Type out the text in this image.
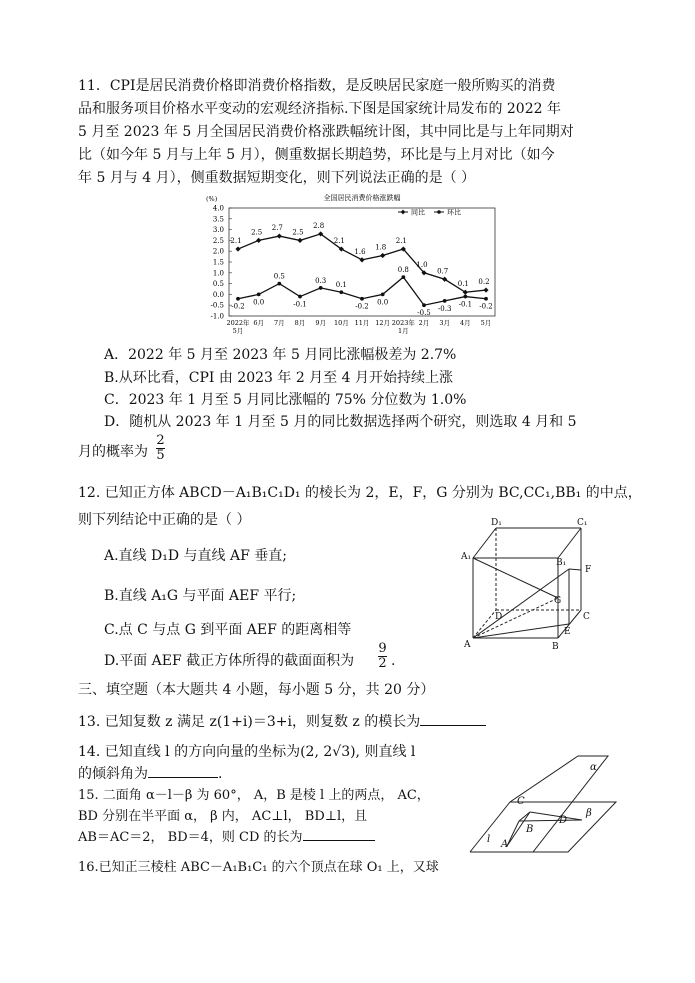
11．CPI是居民消费价格即消费价格指数，是反映居民家庭一般所购买的消费
品和服务项目价格水平变动的宏观经济指标.下图是国家统计局发布的 2022 年
5 月至 2023 年 5 月全国居民消费价格涨跌幅统计图，其中同比是与上年同期对
比（如今年 5 月与上年 5 月），侧重数据长期趋势，环比是与上月对比（如今
年 5 月与 4 月），侧重数据短期变化，则下列说法正确的是（ ）
全国居民消费价格涨跌幅
(%)
4.0
3.5
3.0
2.5
2.0
1.5
1.0
0.5
0.0
-0.5
-1.0
2022年
5月
6月 7月 8月 9月 10月 11月 12月 2023年
1月
2月 3月 4月 5月
2.1
2.5
2.7
2.5
2.8
2.1
1.6
1.8
2.1
1.0
0.7
0.1 0.2
-0.2
0.0
0.5
-0.1
0.3
0.1
-0.2
0.0
0.8
-0.5
-0.3
-0.1 -0.2
同比	环比
A．2022 年 5 月至 2023 年 5 月同比涨幅极差为 2.7%
B.从环比看，CPI 由 2023 年 2 月至 4 月开始持续上涨
C．2023 年 1 月至 5 月同比涨幅的 75% 分位数为 1.0%
D．随机从 2023 年 1 月至 5 月的同比数据选择两个研究，则选取 4 月和 5
月的概率为
2
5
12. 已知正方体 ABCD－A₁B₁C₁D₁ 的棱长为 2，E，F，G 分别为 BC,CC₁,BB₁ 的中点，
则下列结论中正确的是（ ）
A.直线 D₁D 与直线 AF 垂直;
B.直线 A₁G 与平面 AEF 平行;
C.点 C 与点 G 到平面 AEF 的距离相等
D.平面 AEF 截正方体所得的截面面积为
9
2 .
D₁	C₁
A₁
B₁
F
G
D	C
A	B
E
三、填空题（本大题共 4 小题，每小题 5 分，共 20 分）
13. 已知复数 z 满足 z(1+i)＝3+i，则复数 z 的模长为
14. 已知直线 l 的方向向量的坐标为(2, 2√3), 则直线 l
的倾斜角为	.
15. 二面角 α－l－β 为 60°， A，B 是棱 l 上的两点， AC，
BD 分别在半平面 α， β 内， AC⊥l， BD⊥l，且
AB＝AC＝2， BD＝4，则 CD 的长为
α
β
C
B
D
l A
16.已知正三棱柱 ABC－A₁B₁C₁ 的六个顶点在球 O₁ 上，又球
